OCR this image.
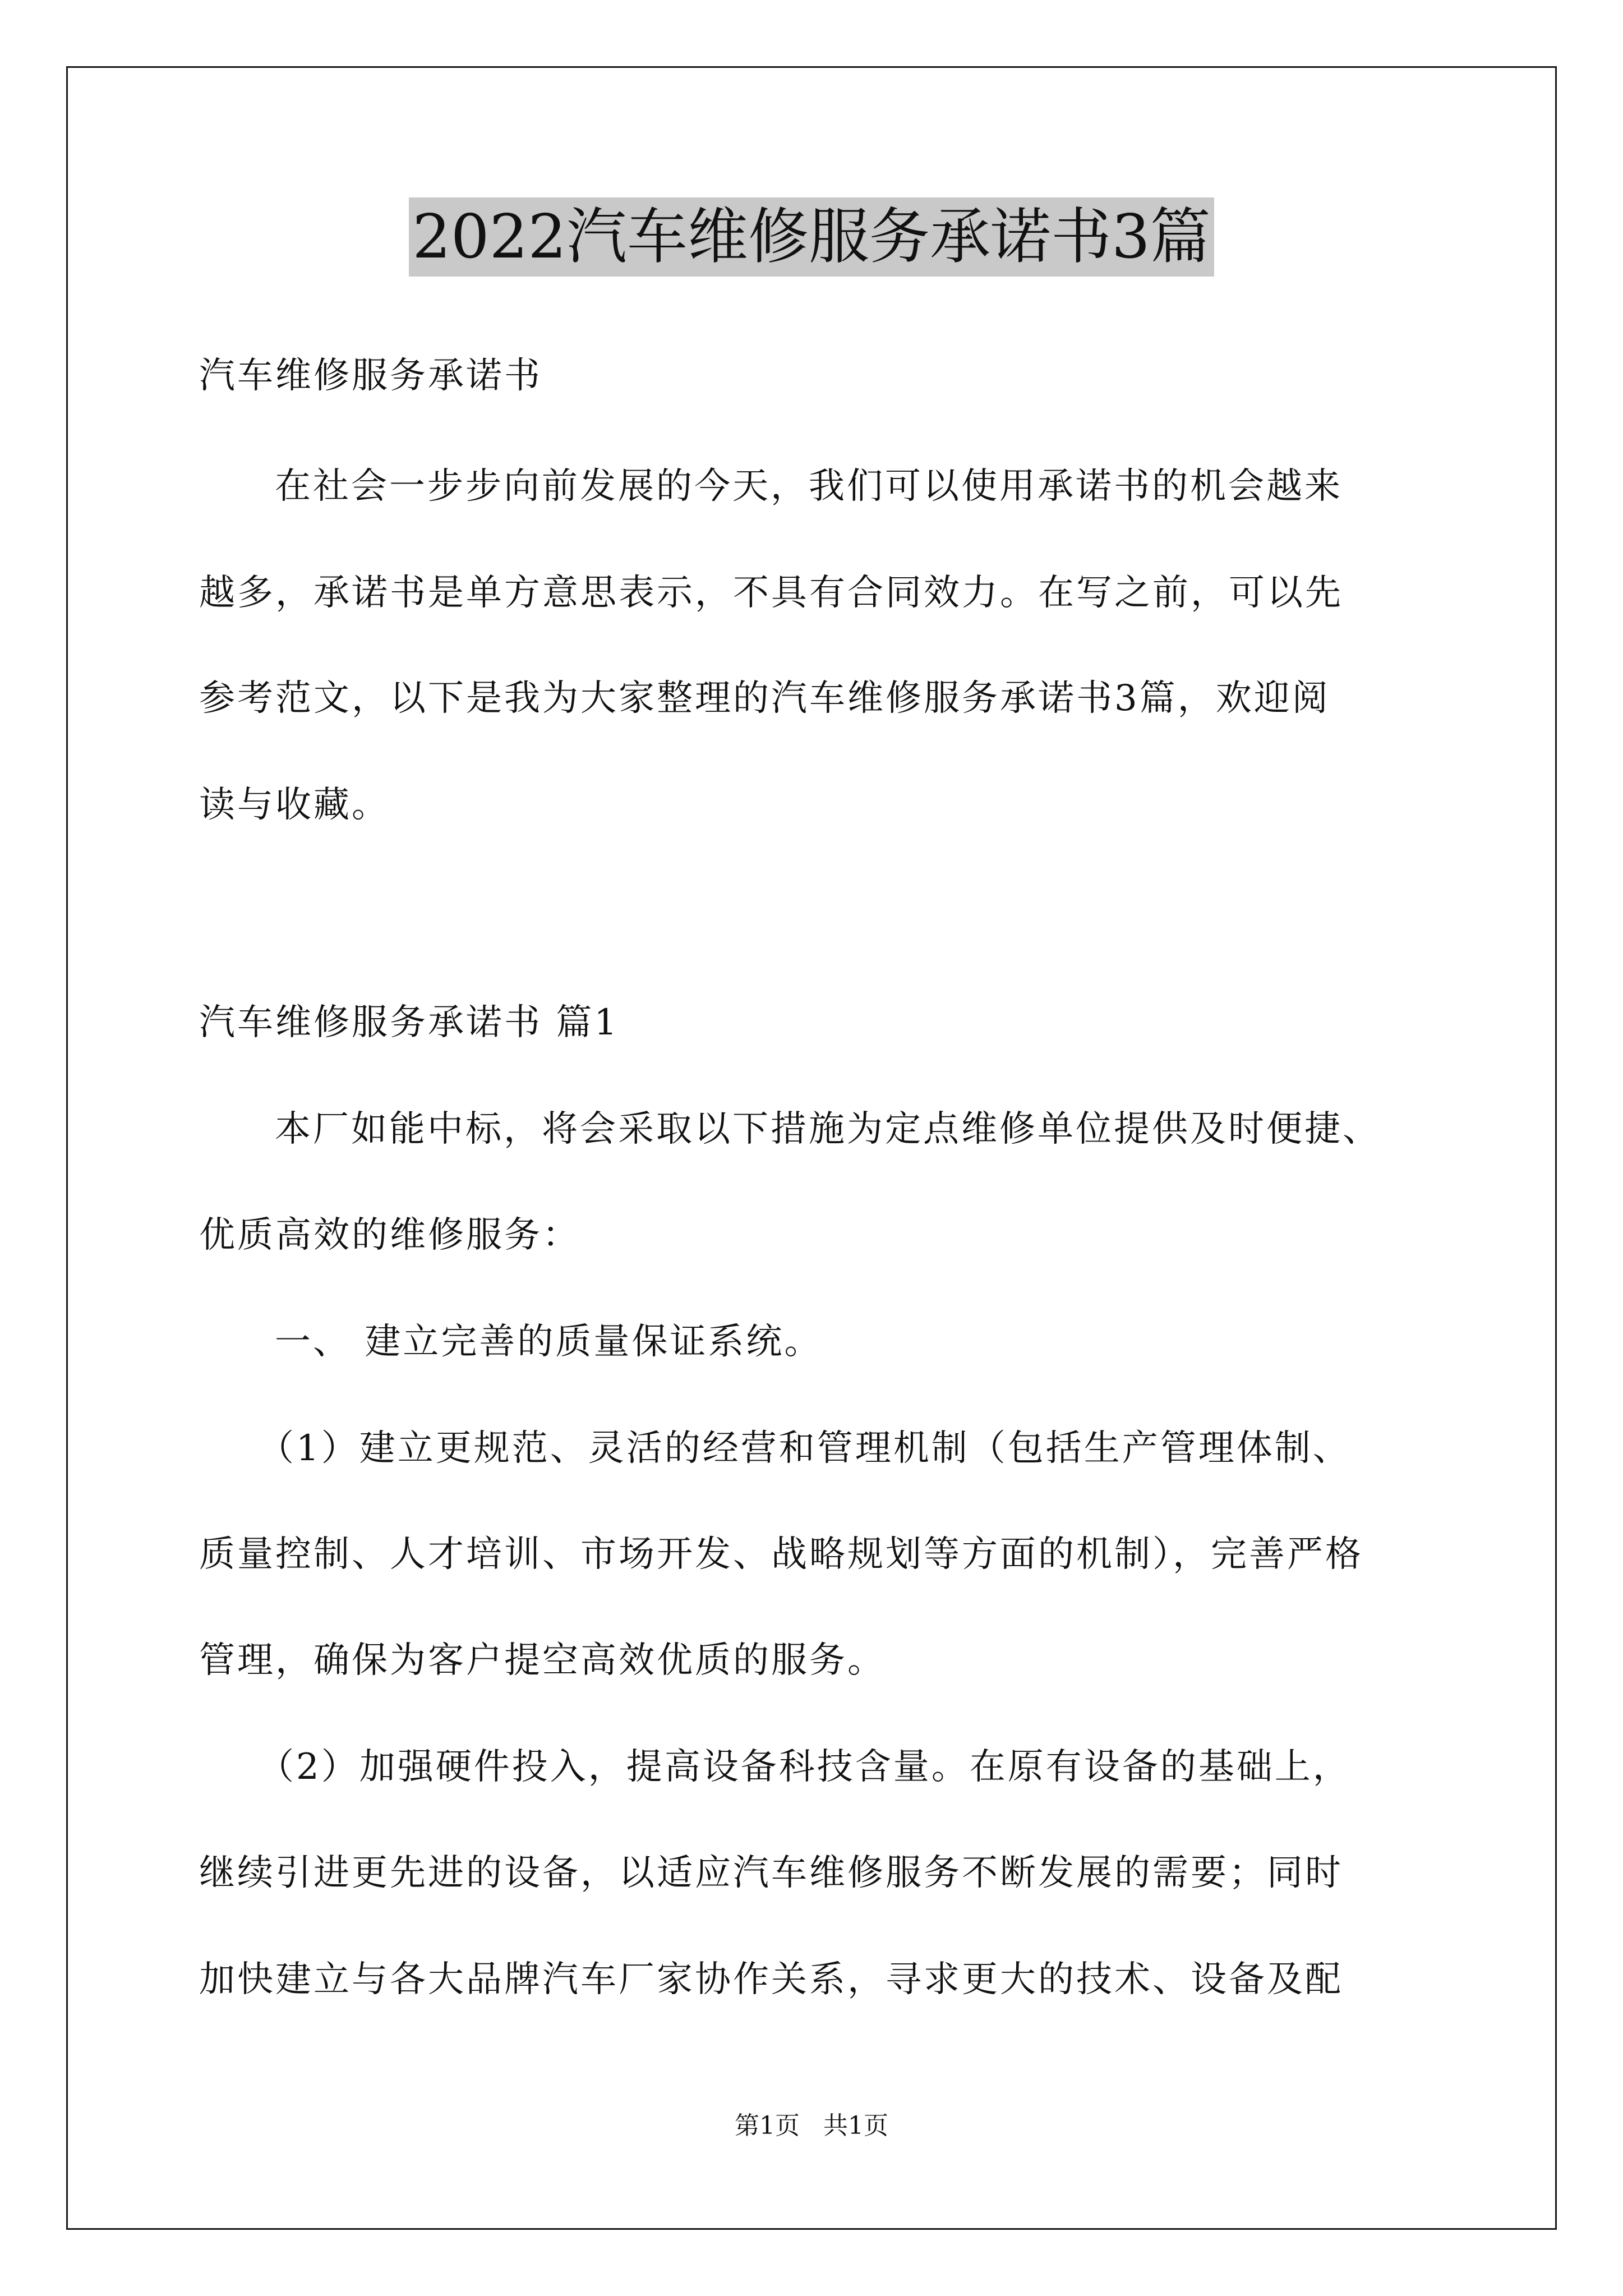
2022汽车维修服务承诺书3篇
汽车维修服务承诺书
在社会一步步向前发展的今天，我们可以使用承诺书的机会越来
越多，承诺书是单方意思表示，不具有合同效力。在写之前，可以先
参考范文，以下是我为大家整理的汽车维修服务承诺书3篇，欢迎阅
读与收藏。
汽车维修服务承诺书 篇1
本厂如能中标，将会采取以下措施为定点维修单位提供及时便捷、
优质高效的维修服务：
一、 建立完善的质量保证系统。
（1）建立更规范、灵活的经营和管理机制（包括生产管理体制、
质量控制、人才培训、市场开发、战略规划等方面的机制），完善严格
管理，确保为客户提空高效优质的服务。
（2）加强硬件投入，提高设备科技含量。在原有设备的基础上，
继续引进更先进的设备，以适应汽车维修服务不断发展的需要；同时
加快建立与各大品牌汽车厂家协作关系，寻求更大的技术、设备及配
第1页   共1页
